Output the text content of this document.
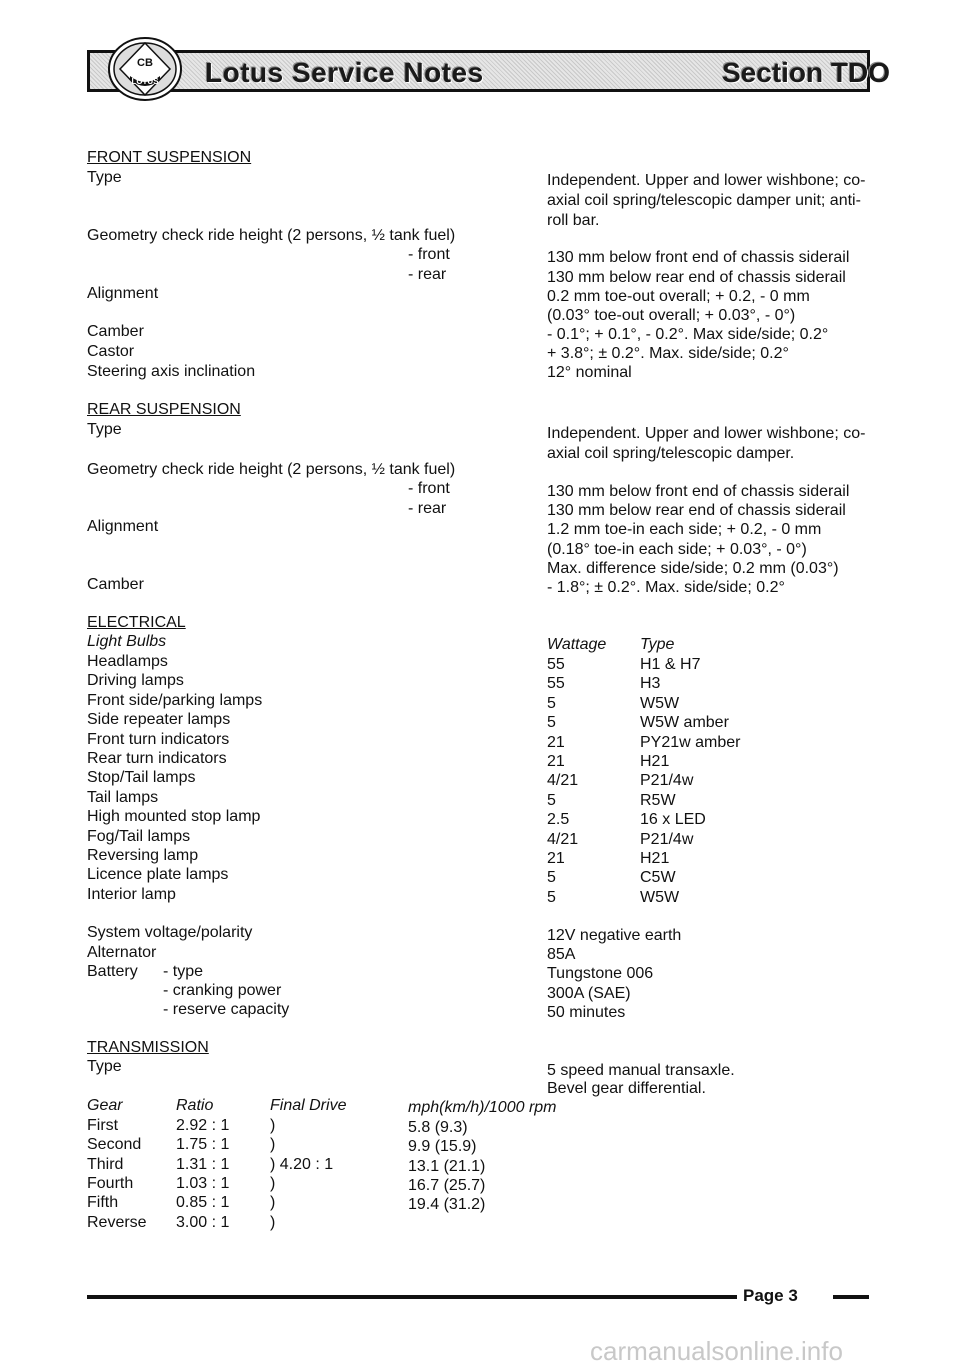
CB
LOTUS Lotus Service Notes	Section TDO
FRONT SUSPENSION
Type	Independent. Upper and lower wishbone; co-axial coil spring/telescopic damper unit; anti-roll bar.
Geometry check ride height (2 persons, ½ tank fuel)
- front	130 mm below front end of chassis siderail
- rear	130 mm below rear end of chassis siderail
Alignment	0.2 mm toe-out overall; + 0.2, - 0 mm
(0.03° toe-out overall; + 0.03°, - 0°)
Camber	- 0.1°; + 0.1°, - 0.2°. Max side/side; 0.2°
Castor	+ 3.8°; ± 0.2°. Max. side/side; 0.2°
Steering axis inclination	12° nominal
REAR SUSPENSION
Type	Independent. Upper and lower wishbone; co-axial coil spring/telescopic damper.
Geometry check ride height (2 persons, ½ tank fuel)
- front	130 mm below front end of chassis siderail
- rear	130 mm below rear end of chassis siderail
Alignment	1.2 mm toe-in each side; + 0.2, - 0 mm
(0.18° toe-in each side; + 0.03°, - 0°)
Max. difference side/side; 0.2 mm (0.03°)
Camber	- 1.8°; ± 0.2°. Max. side/side; 0.2°
ELECTRICAL
Light Bulbs	Wattage Type
Headlamps	55	H1 & H7
Driving lamps	55	H3
Front side/parking lamps	5	W5W
Side repeater lamps	5	W5W amber
Front turn indicators	21	PY21w amber
Rear turn indicators	21	H21
Stop/Tail lamps	4/21	P21/4w
Tail lamps	5	R5W
High mounted stop lamp	2.5	16 x LED
Fog/Tail lamps	4/21	P21/4w
Reversing lamp	21	H21
Licence plate lamps	5	C5W
Interior lamp	5	W5W
System voltage/polarity	12V negative earth
Alternator	85A
Battery - type	Tungstone 006
- cranking power	300A (SAE)
- reserve capacity	50 minutes
TRANSMISSION
Type	5 speed manual transaxle.
Bevel gear differential.
Gear	Ratio	Final Drive	mph(km/h)/1000 rpm
First	2.92 : 1	)	5.8 (9.3)
Second 1.75 : 1	)	9.9 (15.9)
Third	1.31 : 1	) 4.20 : 1	13.1 (21.1)
Fourth	1.03 : 1	)	16.7 (25.7)
Fifth	0.85 : 1	)	19.4 (31.2)
Reverse 3.00 : 1	)
Page 3
carmanualsonline.info
